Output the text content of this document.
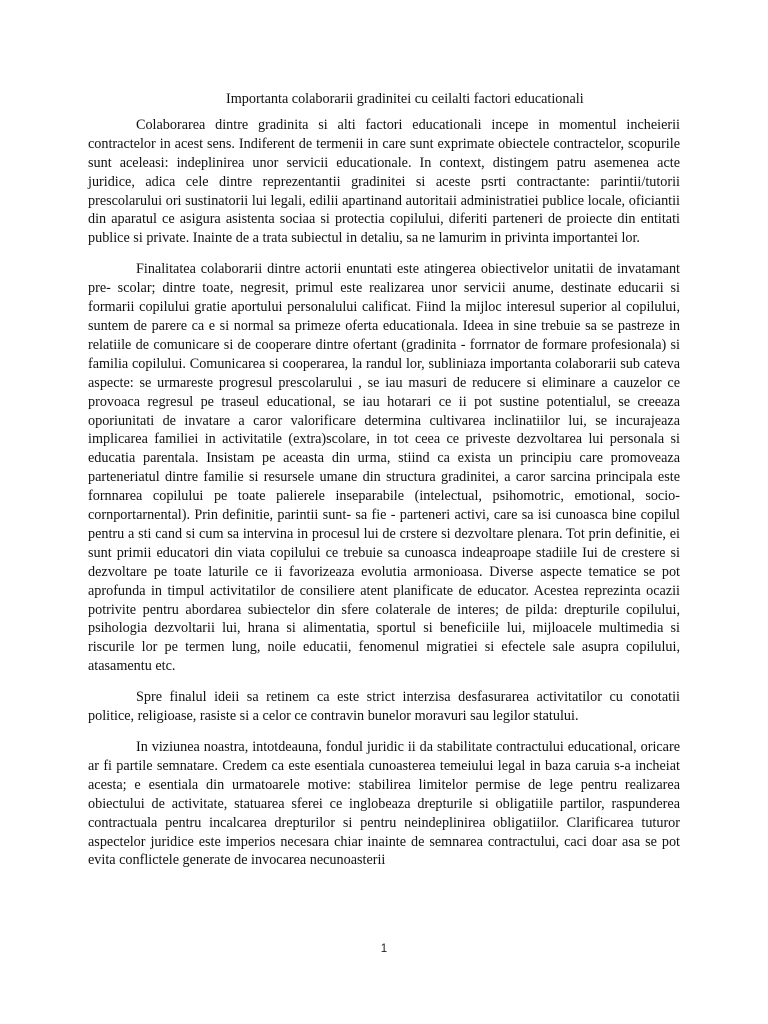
Importanta colaborarii gradinitei cu ceilalti factori educationali

Colaborarea dintre gradinita si alti factori educationali incepe in momentul incheierii contractelor in acest sens. Indiferent de termenii in care sunt exprimate obiectele contractelor, scopurile sunt aceleasi: indeplinirea unor servicii educationale. In context, distingem patru asemenea acte juridice, adica cele dintre reprezentantii gradinitei si aceste psrti contractante: parintii/tutorii prescolarului ori sustinatorii lui legali, edilii apartinand autoritaii administratiei publice locale, oficiantii din aparatul ce asigura asistenta sociaa si protectia copilului, diferiti parteneri de proiecte din entitati publice si private. Inainte de a trata subiectul in detaliu, sa ne lamurim in privinta importantei lor.

Finalitatea colaborarii dintre actorii enuntati este atingerea obiectivelor unitatii de invatamant pre- scolar; dintre toate, negresit, primul este realizarea unor servicii anume, destinate educarii si formarii copilului gratie aportului personalului calificat. Fiind la mijloc interesul superior al copilului, suntem de parere ca e si normal sa primeze oferta educationala. Ideea in sine trebuie sa se pastreze in relatiile de comunicare si de cooperare dintre ofertant (gradinita - forrnator de formare profesionala) si familia copilului. Comunicarea si cooperarea, la randul lor, subliniaza importanta colaborarii sub cateva aspecte: se urmareste progresul prescolarului , se iau masuri de reducere si eliminare a cauzelor ce provoaca regresul pe traseul educational, se iau hotarari ce ii pot sustine potentialul, se creeaza oporiunitati de invatare a caror valorificare determina cultivarea inclinatiilor lui, se incurajeaza implicarea familiei in activitatile (extra)scolare, in tot ceea ce priveste dezvoltarea lui personala si educatia parentala. Insistam pe aceasta din urma, stiind ca exista un principiu care promoveaza parteneriatul dintre familie si resursele umane din structura gradinitei, a caror sarcina principala este fornnarea copilului pe toate palierele inseparabile (intelectual, psihomotric, emotional, socio-cornportarnental). Prin definitie, parintii sunt- sa fie - parteneri activi, care sa isi cunoasca bine copilul pentru a sti cand si cum sa intervina in procesul lui de crstere si dezvoltare plenara. Tot prin definitie, ei sunt primii educatori din viata copilului ce trebuie sa cunoasca indeaproape stadiile Iui de crestere si dezvoltare pe toate laturile ce ii favorizeaza evolutia armonioasa. Diverse aspecte tematice se pot aprofunda in timpul activitatilor de consiliere atent planificate de educator. Acestea reprezinta ocazii potrivite pentru abordarea subiectelor din sfere colaterale de interes; de pilda: drepturile copilului, psihologia dezvoltarii lui, hrana si alimentatia, sportul si beneficiile lui, mijloacele multimedia si riscurile lor pe termen lung, noile educatii, fenomenul migratiei si efectele sale asupra copilului, atasamentu etc.

Spre finalul ideii sa retinem ca este strict interzisa desfasurarea activitatilor cu conotatii politice, religioase, rasiste si a celor ce contravin bunelor moravuri sau legilor statului.

In viziunea noastra, intotdeauna, fondul juridic ii da stabilitate contractului educational, oricare ar fi partile semnatare. Credem ca este esentiala cunoasterea temeiului legal in baza caruia s-a incheiat acesta; e esentiala din urmatoarele motive: stabilirea limitelor permise de lege pentru realizarea obiectului de activitate, statuarea sferei ce inglobeaza drepturile si obligatiile partilor, raspunderea contractuala pentru incalcarea drepturilor si pentru neindeplinirea obligatiilor. Clarificarea tuturor aspectelor juridice este imperios necesara chiar inainte de semnarea contractului, caci doar asa se pot evita conflictele generate de invocarea necunoasterii

1
